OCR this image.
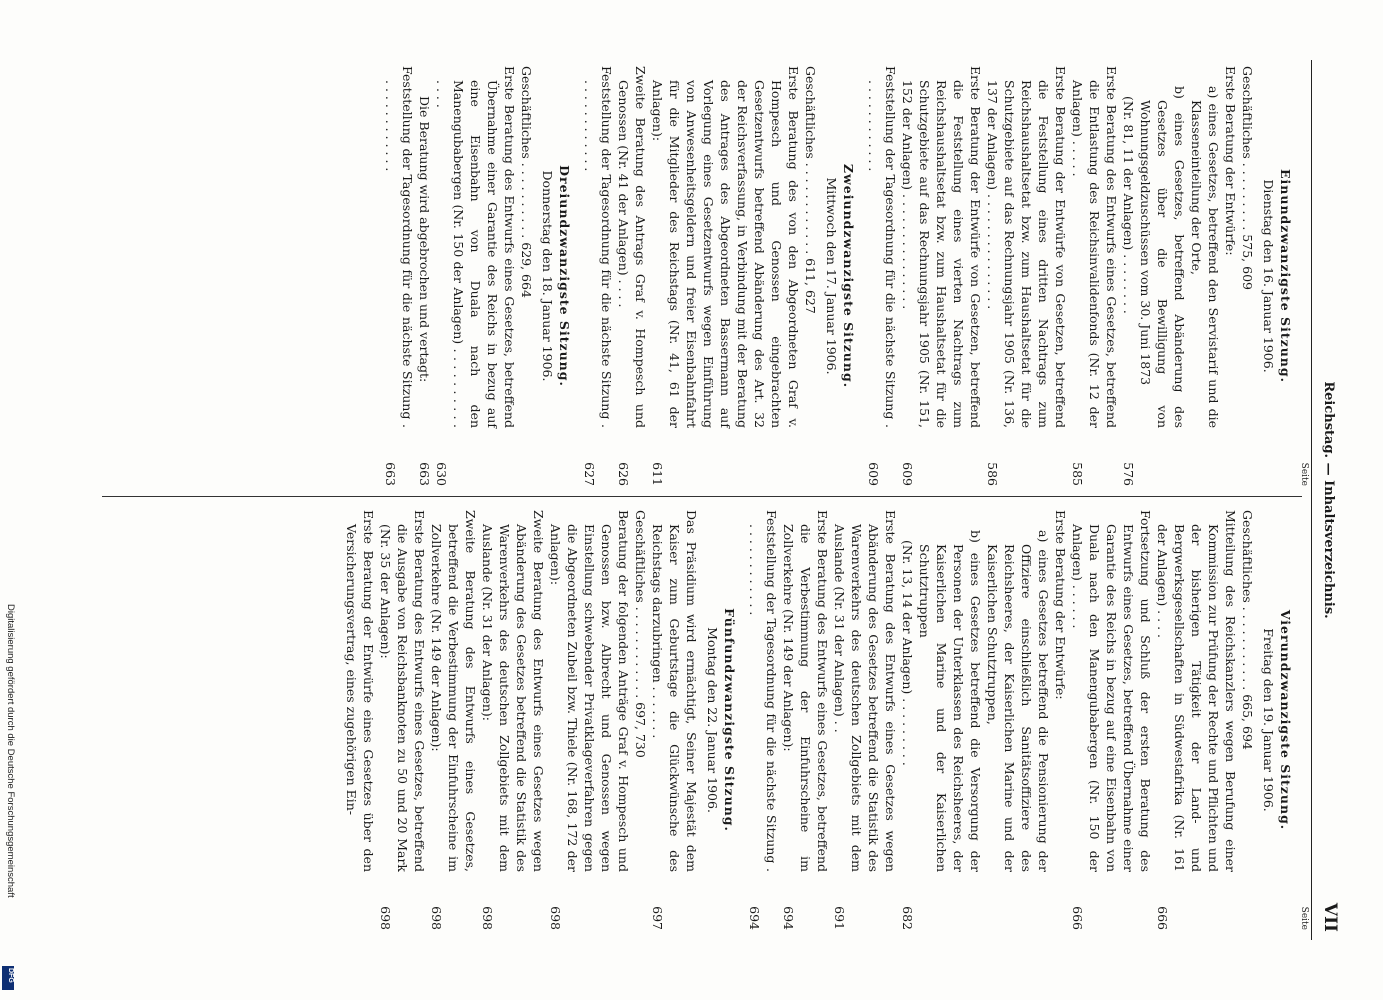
Reichstag. — Inhaltsverzeichnis.
VII
Seite
Einundzwanzigste Sitzung.
Dienstag den 16. Januar 1906.
Geschäftliches . . . . . . . . . 575, 609
Erste Beratung der Entwürfe:
a) eines Gesetzes, betreffend den Servistarif und die Klasseneinteilung der Orte,
b) eines Gesetzes, betreffend Abänderung des Gesetzes über die Bewilligung von Wohnungsgeldzuschüssen vom 30. Juni 1873
(Nr. 81, 11 der Anlagen) . . . . . . . .
576
Erste Beratung des Entwurfs eines Gesetzes, betreffend die Entlastung des Reichsinvalidenfonds (Nr. 12 der Anlagen) . . . . .
585
Erste Beratung der Entwürfe von Gesetzen, betreffend die Feststellung eines dritten Nachtrags zum Reichshaushaltsetat bzw. zum Haushaltsetat für die Schutzgebiete auf das Rechnungsjahr 1905 (Nr. 136, 137 der Anlagen) . . . . . . . . . . . . . . .
586
Erste Beratung der Entwürfe von Gesetzen, betreffend die Feststellung eines vierten Nachtrags zum Reichshaushaltsetat bzw. zum Haushaltsetat für die Schutzgebiete auf das Rechnungsjahr 1905 (Nr. 151, 152 der Anlagen) . . . . . . . . . . . . . . .
609
Feststellung der Tagesordnung für die nächste Sitzung . . . . . . . . . . . . .
609
Zweiundzwanzigste Sitzung.
Mittwoch den 17. Januar 1906.
Geschäftliches . . . . . . . . . . . . 611, 627
Erste Beratung des von den Abgeordneten Graf v. Hompesch und Genossen eingebrachten Gesetzentwurfs betreffend Abänderung des Art. 32 der Reichsverfassung, in Verbindung mit der Beratung des Antrages des Abgeordneten Bassermann auf Vorlegung eines Gesetzentwurfs wegen Einführung von Anwesenheitsgeldern und freier Eisenbahnfahrt für die Mitglieder des Reichstags (Nr. 41, 61 der Anlagen):
611
Zweite Beratung des Antrags Graf v. Hompesch und Genossen (Nr. 41 der Anlagen) . . . .
626
Feststellung der Tagesordnung für die nächste Sitzung . . . . . . . . . . . . .
627
Dreiundzwanzigste Sitzung.
Donnerstag den 18. Januar 1906.
Geschäftliches . . . . . . . . . . 629, 664
Erste Beratung des Entwurfs eines Gesetzes, betreffend Übernahme einer Garantie des Reichs in bezug auf eine Eisenbahn von Duala nach den Manengubabergen (Nr. 150 der Anlagen) . . . . . . . . . . . . . .
630
Die Beratung wird abgebrochen und vertagt:
663
Feststellung der Tagesordnung für die nächste Sitzung . . . . . . . . . . . . .
663
Seite
Vierundzwanzigste Sitzung.
Freitag den 19. Januar 1906.
Geschäftliches . . . . . . . . . . . 665, 694
Mitteilung des Reichskanzlers wegen Berufung einer Kommission zur Prüfung der Rechte und Pflichten und der bisherigen Tätigkeit der Land- und Bergwerksgesellschaften in Südwestafrika (Nr. 161 der Anlagen) . . . .
666
Fortsetzung und Schluß der ersten Beratung des Entwurfs eines Gesetzes, betreffend Übernahme einer Garantie des Reichs in bezug auf eine Eisenbahn von Duala nach den Manengubabergen (Nr. 150 der Anlagen) . . . . . .
666
Erste Beratung der Entwürfe:
a) eines Gesetzes betreffend die Pensionierung der Offiziere einschließlich Sanitätsoffiziere des Reichsheeres, der Kaiserlichen Marine und der Kaiserlichen Schutztruppen,
b) eines Gesetzes betreffend die Versorgung der Personen der Unterklassen des Reichsheeres, der Kaiserlichen Marine und der Kaiserlichen Schutztruppen
(Nr. 13, 14 der Anlagen) . . . . . . . . .
682
Erste Beratung des Entwurfs eines Gesetzes wegen Abänderung des Gesetzes betreffend die Statistik des Warenverkehrs des deutschen Zollgebiets mit dem Auslande (Nr. 31 der Anlagen) . .
691
Erste Beratung des Entwurfs eines Gesetzes, betreffend die Verbestimmung der Einfuhrscheine im Zollverkehre (Nr. 149 der Anlagen):
694
Feststellung der Tagesordnung für die nächste Sitzung . . . . . . . . . . . . .
694
Fünfundzwanzigste Sitzung.
Montag den 22. Januar 1906.
Das Präsidium wird ermächtigt, Seiner Majestät dem Kaiser zum Geburtstage die Glückwünsche des Reichstags darzubringen . . . . . . .
697
Geschäftliches . . . . . . . . . . . . 697, 730
Beratung der folgenden Anträge Graf v. Hompesch und Genossen bzw. Albrecht und Genossen wegen Einstellung schwebender Privatklageverfahren gegen die Abgeordneten Zubeil bzw. Thiele (Nr. 168, 172 der Anlagen):
698
Zweite Beratung des Entwurfs eines Gesetzes wegen Abänderung des Gesetzes betreffend die Statistik des Warenverkehrs des deutschen Zollgebiets mit dem Auslande (Nr. 31 der Anlagen):
698
Zweite Beratung des Entwurfs eines Gesetzes, betreffend die Verbestimmung der Einfuhrscheine im Zollverkehre (Nr. 149 der Anlagen):
698
Erste Beratung des Entwurfs eines Gesetzes, betreffend die Ausgabe von Reichsbanknoten zu 50 und 20 Mark (Nr. 35 der Anlagen):
698
Erste Beratung der Entwürfe eines Gesetzes über den Versicherungsvertrag, eines zugehörigen Ein-
Digitalisierung gefördert durch die Deutsche Forschungsgemeinschaft
DFG
